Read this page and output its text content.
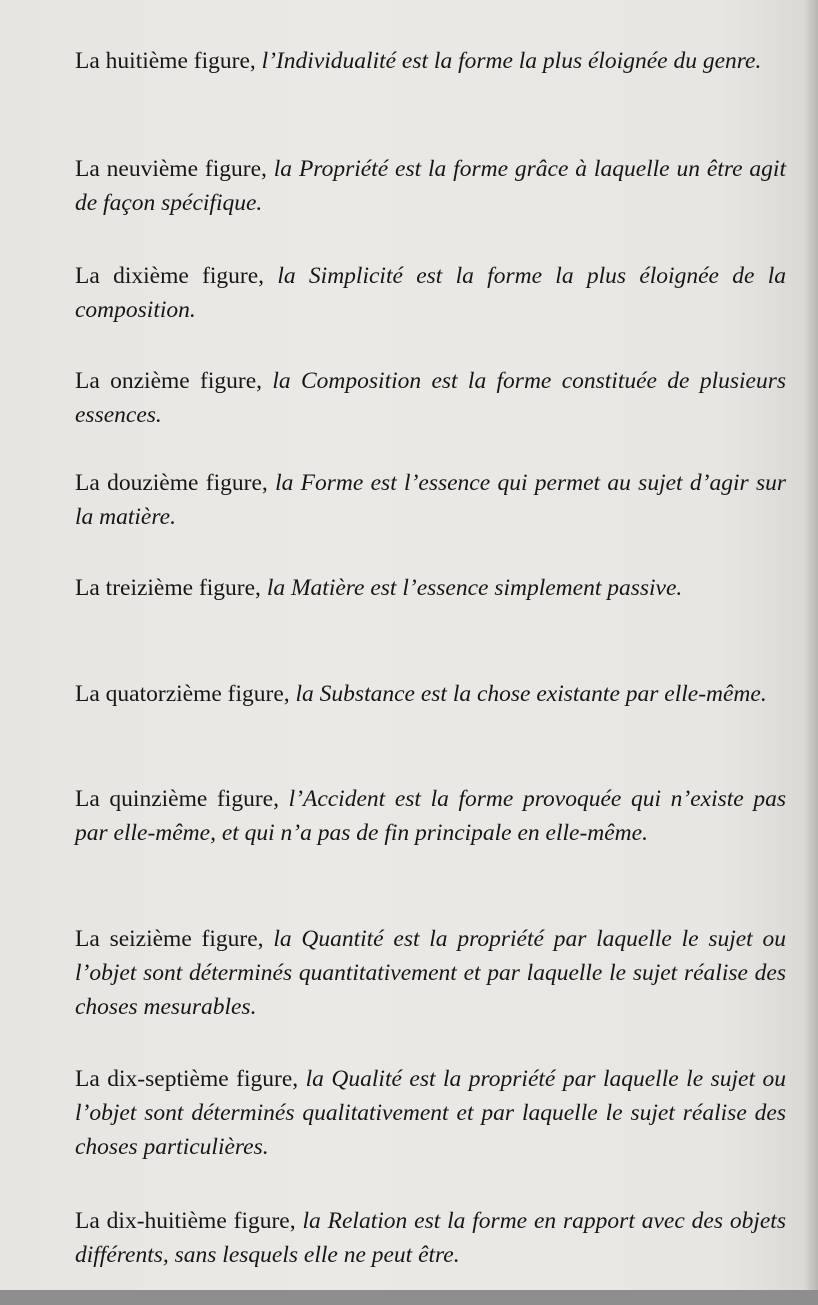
La huitième figure, l’Individualité est la forme la plus éloignée du genre.

La neuvième figure, la Propriété est la forme grâce à laquelle un être agit de façon spécifique.

La dixième figure, la Simplicité est la forme la plus éloignée de la composition.

La onzième figure, la Composition est la forme constituée de plusieurs essences.

La douzième figure, la Forme est l’essence qui permet au sujet d’agir sur la matière.

La treizième figure, la Matière est l’essence simplement passive.

La quatorzième figure, la Substance est la chose existante par elle-même.

La quinzième figure, l’Accident est la forme provoquée qui n’existe pas par elle-même, et qui n’a pas de fin principale en elle-même.

La seizième figure, la Quantité est la propriété par laquelle le sujet ou l’objet sont déterminés quantitativement et par laquelle le sujet réalise des choses mesurables.

La dix-septième figure, la Qualité est la propriété par laquelle le sujet ou l’objet sont déterminés qualitativement et par laquelle le sujet réalise des choses particulières.

La dix-huitième figure, la Relation est la forme en rapport avec des objets différents, sans lesquels elle ne peut être.
